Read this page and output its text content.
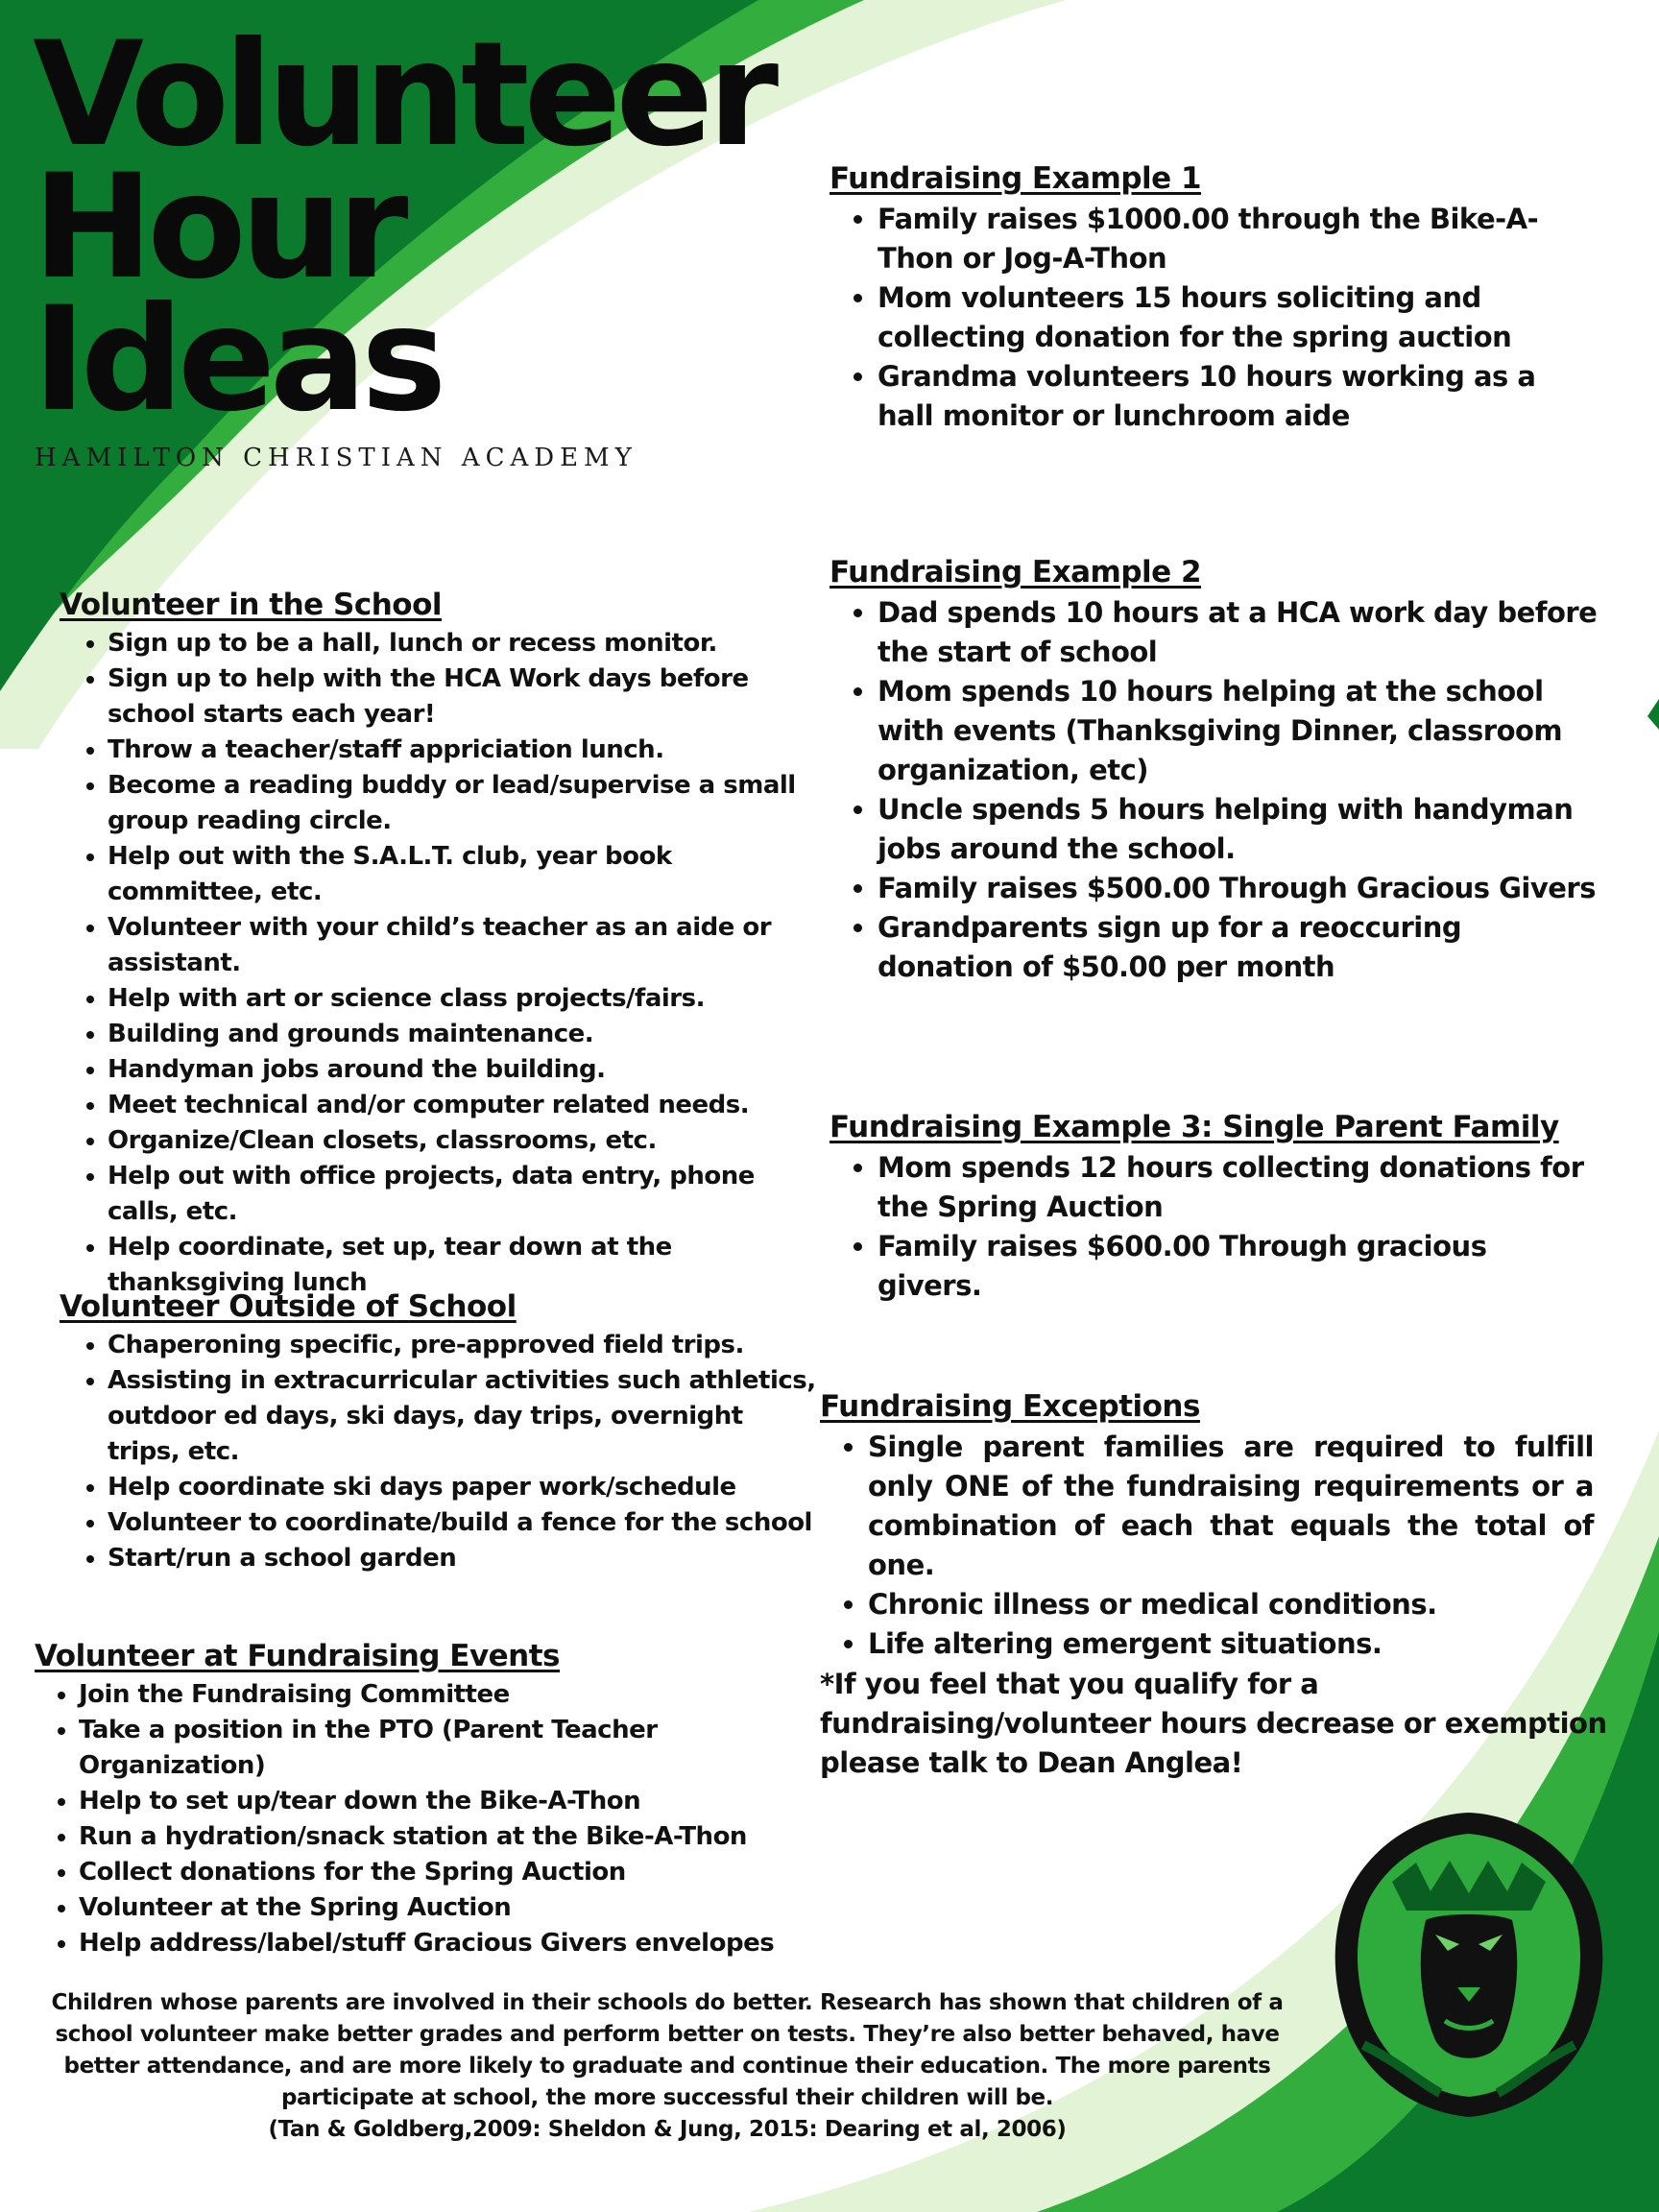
Volunteer
Hour
Ideas
HAMILTON CHRISTIAN ACADEMY
Volunteer in the School
• Sign up to be a hall, lunch or recess monitor.
• Sign up to help with the HCA Work days before school starts each year!
• Throw a teacher/staff appriciation lunch.
• Become a reading buddy or lead/supervise a small group reading circle.
• Help out with the S.A.L.T. club, year book committee, etc.
• Volunteer with your child’s teacher as an aide or assistant.
• Help with art or science class projects/fairs.
• Building and grounds maintenance.
• Handyman jobs around the building.
• Meet technical and/or computer related needs.
• Organize/Clean closets, classrooms, etc.
• Help out with office projects, data entry, phone calls, etc.
• Help coordinate, set up, tear down at the thanksgiving lunch
Volunteer Outside of School
• Chaperoning specific, pre-approved field trips.
• Assisting in extracurricular activities such athletics, outdoor ed days, ski days, day trips, overnight trips, etc.
• Help coordinate ski days paper work/schedule
• Volunteer to coordinate/build a fence for the school
• Start/run a school garden
Volunteer at Fundraising Events
• Join the Fundraising Committee
• Take a position in the PTO (Parent Teacher Organization)
• Help to set up/tear down the Bike-A-Thon
• Run a hydration/snack station at the Bike-A-Thon
• Collect donations for the Spring Auction
• Volunteer at the Spring Auction
• Help address/label/stuff Gracious Givers envelopes
Fundraising Example 1
• Family raises $1000.00 through the Bike-A-Thon or Jog-A-Thon
• Mom volunteers 15 hours soliciting and collecting donation for the spring auction
• Grandma volunteers 10 hours working as a hall monitor or lunchroom aide
Fundraising Example 2
• Dad spends 10 hours at a HCA work day before the start of school
• Mom spends 10 hours helping at the school with events (Thanksgiving Dinner, classroom organization, etc)
• Uncle spends 5 hours helping with handyman jobs around the school.
• Family raises $500.00 Through Gracious Givers
• Grandparents sign up for a reoccuring donation of $50.00 per month
Fundraising Example 3: Single Parent Family
• Mom spends 12 hours collecting donations for the Spring Auction
• Family raises $600.00 Through gracious givers.
Fundraising Exceptions
• Single parent families are required to fulfill only ONE of the fundraising requirements or a combination of each that equals the total of one.
• Chronic illness or medical conditions.
• Life altering emergent situations.
*If you feel that you qualify for a fundraising/volunteer hours decrease or exemption please talk to Dean Anglea!

Children whose parents are involved in their schools do better. Research has shown that children of a school volunteer make better grades and perform better on tests. They’re also better behaved, have better attendance, and are more likely to graduate and continue their education. The more parents participate at school, the more successful their children will be.

(Tan & Goldberg,2009: Sheldon & Jung, 2015: Dearing et al, 2006)
